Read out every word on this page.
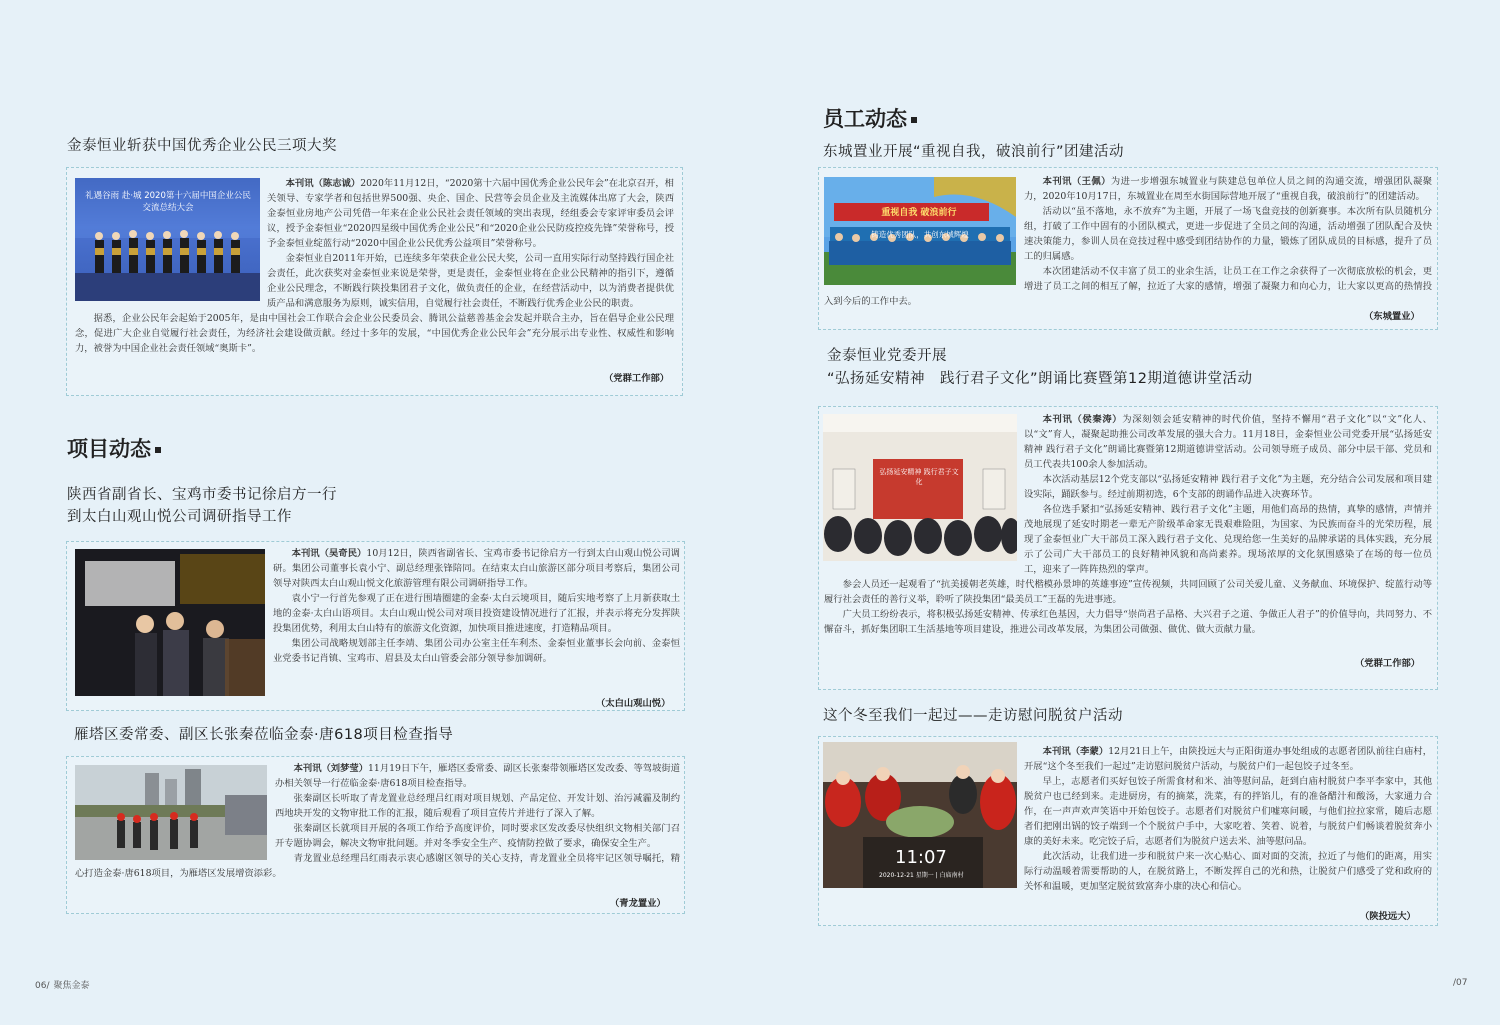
金泰恒业斩获中国优秀企业公民三项大奖
礼遇谷雨 赴·城 2020第十六届中国企业公民交流总结大会

本刊讯（陈志诚）2020年11月12日，“2020第十六届中国优秀企业公民年会”在北京召开，相关领导、专家学者和包括世界500强、央企、国企、民营等会员企业及主流媒体出席了大会，陕西金泰恒业房地产公司凭借一年来在企业公民社会责任领域的突出表现，经组委会专家评审委员会评议，授予金泰恒业“2020四星级中国优秀企业公民”和“2020企业公民防疫控疫先锋”荣誉称号，授予金泰恒业绽蓝行动“2020中国企业公民优秀公益项目”荣誉称号。

金泰恒业自2011年开始，已连续多年荣获企业公民大奖，公司一直用实际行动坚持践行国企社会责任，此次获奖对金泰恒业来说是荣誉，更是责任，金泰恒业将在企业公民精神的指引下，遵循企业公民理念，不断践行陕投集团君子文化，做负责任的企业，在经营活动中，以为消费者提供优质产品和满意服务为原则，诚实信用，自觉履行社会责任，不断践行优秀企业公民的职责。

据悉，企业公民年会起始于2005年，是由中国社会工作联合会企业公民委员会、腾讯公益慈善基金会发起并联合主办，旨在倡导企业公民理念，促进广大企业自觉履行社会责任，为经济社会建设做贡献。经过十多年的发展，“中国优秀企业公民年会”充分展示出专业性、权威性和影响力，被誉为中国企业社会责任领域“奥斯卡”。

（党群工作部）
项目动态
陕西省副省长、宝鸡市委书记徐启方一行
到太白山观山悦公司调研指导工作

本刊讯（吴奇民）10月12日，陕西省副省长、宝鸡市委书记徐启方一行到太白山观山悦公司调研。集团公司董事长袁小宁、副总经理张锋陪同。在结束太白山旅游区部分项目考察后，集团公司领导对陕西太白山观山悦文化旅游管理有限公司调研指导工作。

袁小宁一行首先参观了正在进行围墙圈建的金泰·太白云境项目，随后实地考察了上月新获取土地的金泰·太白山语项目。太白山观山悦公司对项目投资建设情况进行了汇报，并表示将充分发挥陕投集团优势，利用太白山特有的旅游文化资源，加快项目推进速度，打造精品项目。

集团公司战略规划部主任李靖、集团公司办公室主任车利杰、金泰恒业董事长会向前、金泰恒业党委书记肖镇、宝鸡市、眉县及太白山管委会部分领导参加调研。

（太白山观山悦）
雁塔区委常委、副区长张秦莅临金泰·唐618项目检查指导

本刊讯（刘梦莹）11月19日下午，雁塔区委常委、副区长张秦带领雁塔区发改委、等驾坡街道办相关领导一行莅临金泰·唐618项目检查指导。

张秦副区长听取了青龙置业总经理吕红雨对项目规划、产品定位、开发计划、治污减霾及制约西地块开发的文物审批工作的汇报，随后观看了项目宣传片并进行了深入了解。

张秦副区长就项目开展的各项工作给予高度评价，同时要求区发改委尽快组织文物相关部门召开专题协调会，解决文物审批问题。并对冬季安全生产、疫情防控做了要求，确保安全生产。

青龙置业总经理吕红雨表示衷心感谢区领导的关心支持，青龙置业全员将牢记区领导嘱托，精心打造金泰·唐618项目，为雁塔区发展增资添彩。

（青龙置业）
06/ 聚焦金泰
员工动态
东城置业开展“重视自我，破浪前行”团建活动
重视自我 破浪前行
铸造优秀团队，共创东城辉煌

本刊讯（王佩）为进一步增强东城置业与陕建总包单位人员之间的沟通交流，增强团队凝聚力，2020年10月17日，东城置业在周至水街国际营地开展了“重视自我，破浪前行”的团建活动。

活动以“虽不落地，永不放弃”为主题，开展了一场飞盘竞技的创新赛事。本次所有队员随机分组，打破了工作中固有的小团队模式，更进一步促进了全员之间的沟通，活动增强了团队配合及快速决策能力，参训人员在竞技过程中感受到团结协作的力量，锻炼了团队成员的目标感，提升了员工的归属感。

本次团建活动不仅丰富了员工的业余生活，让员工在工作之余获得了一次彻底放松的机会，更增进了员工之间的相互了解，拉近了大家的感情，增强了凝聚力和向心力，让大家以更高的热情投入到今后的工作中去。

（东城置业）
金泰恒业党委开展
“弘扬延安精神　践行君子文化”朗诵比赛暨第12期道德讲堂活动
弘扬延安精神 践行君子文化

本刊讯（侯秦涛）为深刻领会延安精神的时代价值，坚持不懈用“君子文化”以“文”化人、以“文”育人，凝聚起助推公司改革发展的强大合力。11月18日，金泰恒业公司党委开展“弘扬延安精神 践行君子文化”朗诵比赛暨第12期道德讲堂活动。公司领导班子成员、部分中层干部、党员和员工代表共100余人参加活动。

本次活动基层12个党支部以“弘扬延安精神 践行君子文化”为主题，充分结合公司发展和项目建设实际，踊跃参与。经过前期初选，6个支部的朗诵作品进入决赛环节。

各位选手紧扣“弘扬延安精神、践行君子文化”主题，用他们高昂的热情，真挚的感情，声情并茂地展现了延安时期老一辈无产阶级革命家无畏艰难险阻，为国家、为民族而奋斗的光荣历程，展现了金泰恒业广大干部员工深入践行君子文化、兑现给您一生美好的品牌承诺的具体实践，充分展示了公司广大干部员工的良好精神风貌和高尚素养。现场浓厚的文化氛围感染了在场的每一位员工，迎来了一阵阵热烈的掌声。

参会人员还一起观看了“抗美援朝老英雄，时代楷模孙景坤的英雄事迹”宣传视频，共同回顾了公司关爱儿童、义务献血、环境保护、绽蓝行动等履行社会责任的善行义举，聆听了陕投集团“最美员工”王磊的先进事迹。

广大员工纷纷表示，将积极弘扬延安精神、传承红色基因，大力倡导“崇尚君子品格、大兴君子之道、争做正人君子”的价值导向，共同努力、不懈奋斗，抓好集团职工生活基地等项目建设，推进公司改革发展，为集团公司做强、做优、做大贡献力量。

（党群工作部）
这个冬至我们一起过——走访慰问脱贫户活动
11:07
2020-12-21 星期一 | 白庙南村

本刊讯（李蒙）12月21日上午，由陕投远大与正阳街道办事处组成的志愿者团队前往白庙村，开展“这个冬至我们一起过”走访慰问脱贫户活动，与脱贫户们一起包饺子过冬至。

早上，志愿者们买好包饺子所需食材和米、油等慰问品，赶到白庙村脱贫户李平李家中，其他脱贫户也已经到来。走进厨房，有的摘菜，洗菜，有的拌馅儿，有的准备醋汁和酸汤，大家通力合作，在一声声欢声笑语中开始包饺子。志愿者们对脱贫户们嘘寒问暖，与他们拉拉家常，随后志愿者们把刚出锅的饺子端到一个个脱贫户手中，大家吃着、笑着、说着，与脱贫户们畅谈着脱贫奔小康的美好未来。吃完饺子后，志愿者们为脱贫户送去米、油等慰问品。

此次活动，让我们进一步和脱贫户来一次心贴心、面对面的交流，拉近了与他们的距离，用实际行动温暖着需要帮助的人，在脱贫路上，不断发挥自己的光和热，让脱贫户们感受了党和政府的关怀和温暖，更加坚定脱贫致富奔小康的决心和信心。

（陕投远大）
/07
